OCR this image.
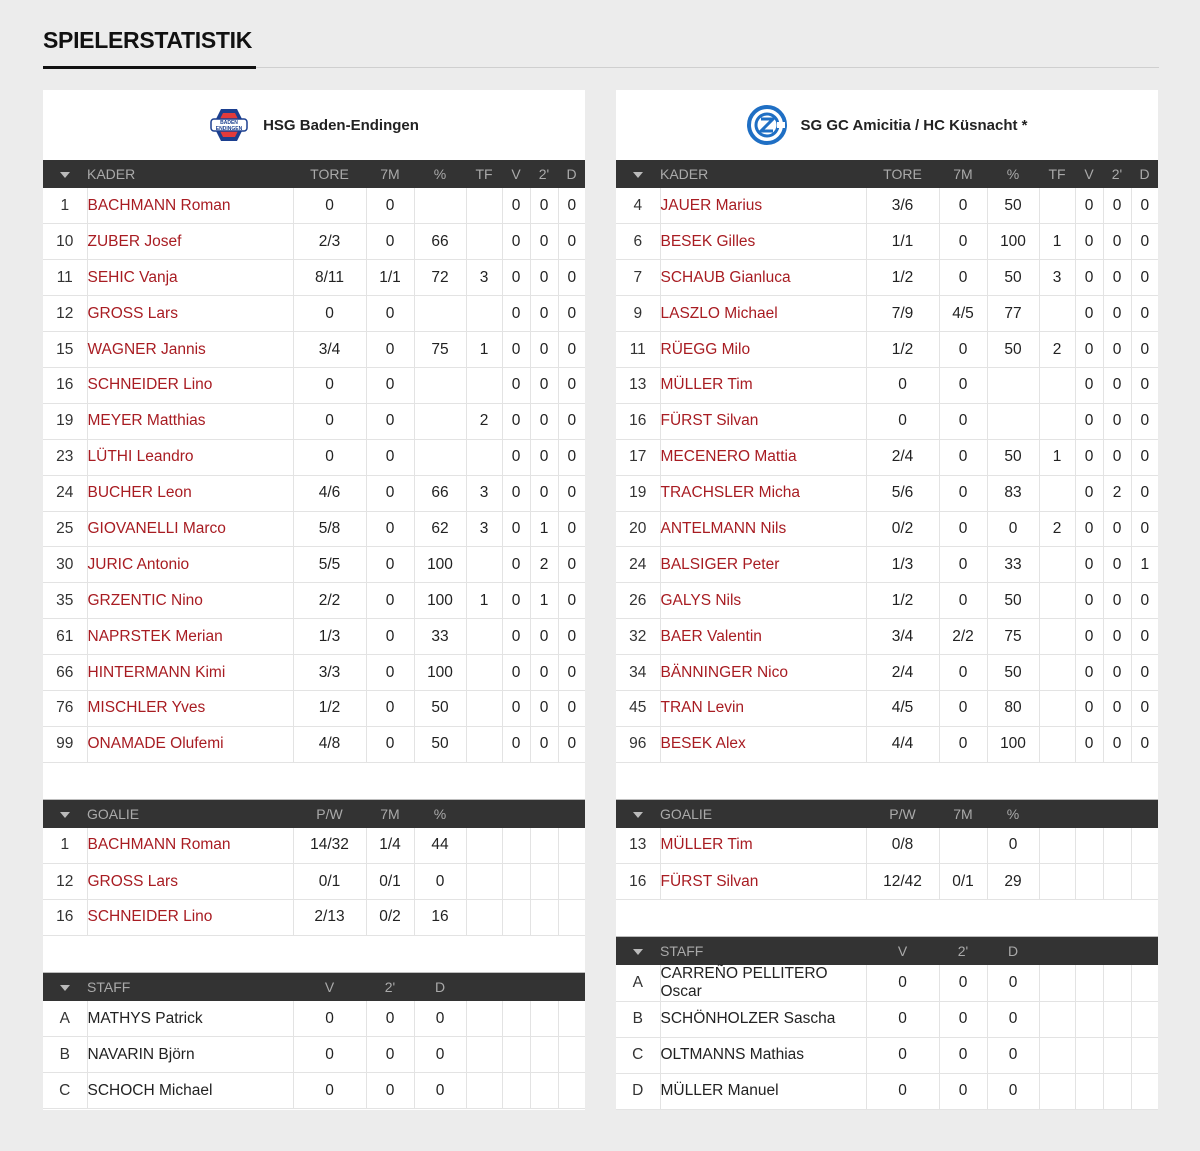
SPIELERSTATISTIK
BADEN
ENDINGEN HSG Baden-Endingen
	KADER	TORE	7M	%	TF	V	2'	D
1	BACHMANN Roman	0	0			0	0	0
10	ZUBER Josef	2/3	0	66		0	0	0
11	SEHIC Vanja	8/11	1/1	72	3	0	0	0
12	GROSS Lars	0	0			0	0	0
15	WAGNER Jannis	3/4	0	75	1	0	0	0
16	SCHNEIDER Lino	0	0			0	0	0
19	MEYER Matthias	0	0		2	0	0	0
23	LÜTHI Leandro	0	0			0	0	0
24	BUCHER Leon	4/6	0	66	3	0	0	0
25	GIOVANELLI Marco	5/8	0	62	3	0	1	0
30	JURIC Antonio	5/5	0	100		0	2	0
35	GRZENTIC Nino	2/2	0	100	1	0	1	0
61	NAPRSTEK Merian	1/3	0	33		0	0	0
66	HINTERMANN Kimi	3/3	0	100		0	0	0
76	MISCHLER Yves	1/2	0	50		0	0	0
99	ONAMADE Olufemi	4/8	0	50		0	0	0
	GOALIE	P/W	7M	%				
1	BACHMANN Roman	14/32	1/4	44				
12	GROSS Lars	0/1	0/1	0				
16	SCHNEIDER Lino	2/13	0/2	16				
	STAFF	V	2'	D				
A	MATHYS Patrick	0	0	0				
B	NAVARIN Björn	0	0	0				
C	SCHOCH Michael	0	0	0				
SG GC Amicitia / HC Küsnacht *
	KADER	TORE	7M	%	TF	V	2'	D
4	JAUER Marius	3/6	0	50		0	0	0
6	BESEK Gilles	1/1	0	100	1	0	0	0
7	SCHAUB Gianluca	1/2	0	50	3	0	0	0
9	LASZLO Michael	7/9	4/5	77		0	0	0
11	RÜEGG Milo	1/2	0	50	2	0	0	0
13	MÜLLER Tim	0	0			0	0	0
16	FÜRST Silvan	0	0			0	0	0
17	MECENERO Mattia	2/4	0	50	1	0	0	0
19	TRACHSLER Micha	5/6	0	83		0	2	0
20	ANTELMANN Nils	0/2	0	0	2	0	0	0
24	BALSIGER Peter	1/3	0	33		0	0	1
26	GALYS Nils	1/2	0	50		0	0	0
32	BAER Valentin	3/4	2/2	75		0	0	0
34	BÄNNINGER Nico	2/4	0	50		0	0	0
45	TRAN Levin	4/5	0	80		0	0	0
96	BESEK Alex	4/4	0	100		0	0	0
	GOALIE	P/W	7M	%				
13	MÜLLER Tim	0/8		0				
16	FÜRST Silvan	12/42	0/1	29				
	STAFF	V	2'	D				
A	CARREÑO PELLITERO Oscar	0	0	0				
B	SCHÖNHOLZER Sascha	0	0	0				
C	OLTMANNS Mathias	0	0	0				
D	MÜLLER Manuel	0	0	0				
